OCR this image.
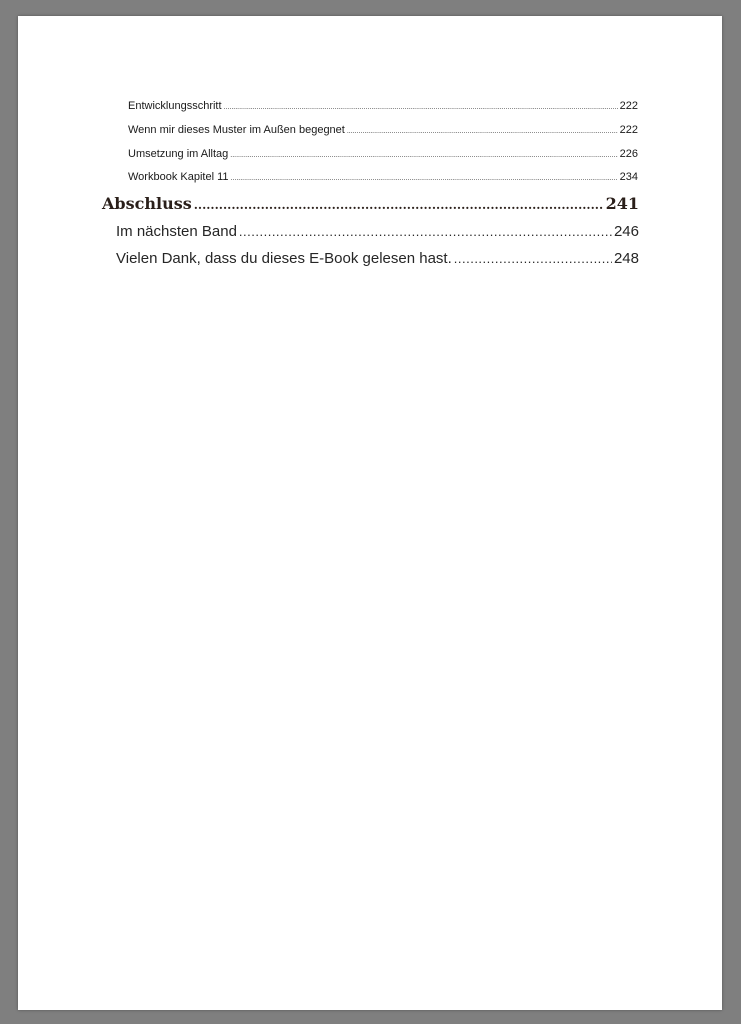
Entwicklungsschritt .....	222
Wenn mir dieses Muster im Außen begegnet .....	222
Umsetzung im Alltag .....	226
Workbook Kapitel 11 .....	234
Abschluss .....	241
Im nächsten Band .....	246
Vielen Dank, dass du dieses E-Book gelesen hast. .....	248
